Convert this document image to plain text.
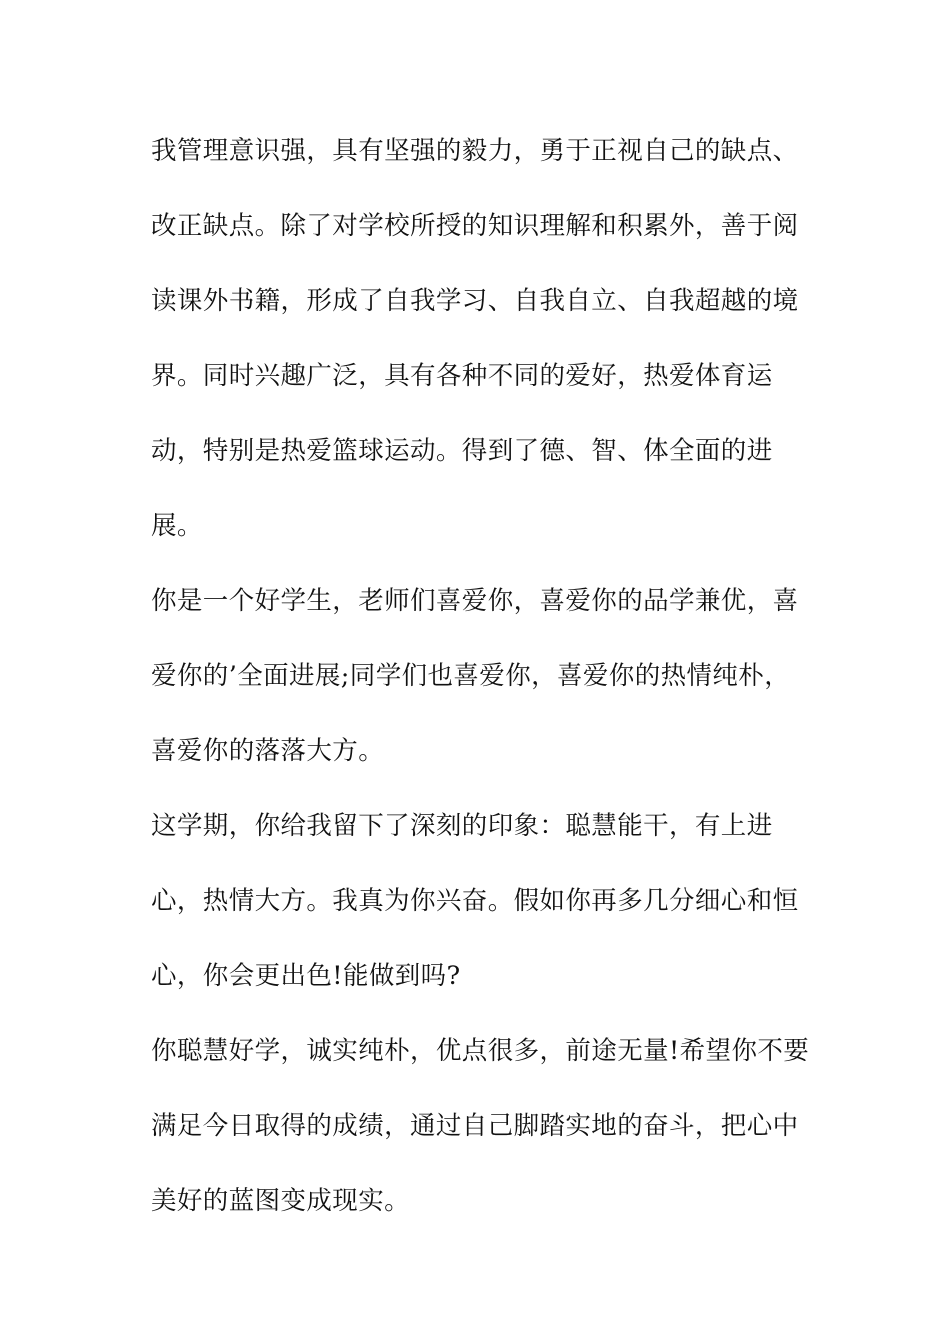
我管理意识强，具有坚强的毅力，勇于正视自己的缺点、
改正缺点。除了对学校所授的知识理解和积累外，善于阅
读课外书籍，形成了自我学习、自我自立、自我超越的境
界。同时兴趣广泛，具有各种不同的爱好，热爱体育运
动，特别是热爱篮球运动。得到了德、智、体全面的进
展。
你是一个好学生，老师们喜爱你，喜爱你的品学兼优，喜
爱你的’全面进展;同学们也喜爱你，喜爱你的热情纯朴，
喜爱你的落落大方。
这学期，你给我留下了深刻的印象：聪慧能干，有上进
心，热情大方。我真为你兴奋。假如你再多几分细心和恒
心，你会更出色!能做到吗?
你聪慧好学，诚实纯朴，优点很多，前途无量!希望你不要
满足今日取得的成绩，通过自己脚踏实地的奋斗，把心中
美好的蓝图变成现实。
